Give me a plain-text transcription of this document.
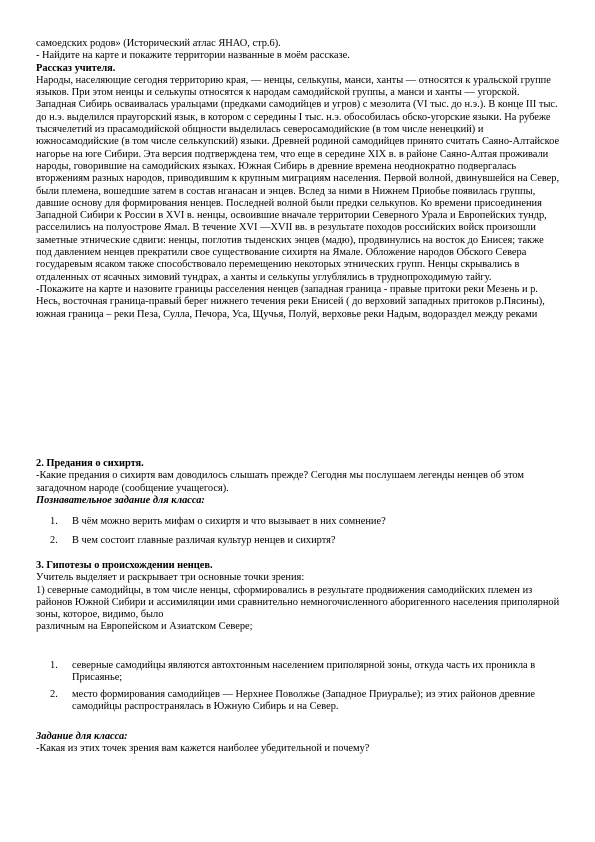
самоедских родов» (Исторический атлас ЯНАО, стр.6).

- Найдите на карте и покажите территории названные в моём рассказе.

Рассказ учителя.

Народы, населяющие сегодня территорию края, — ненцы, селькупы, манси, ханты — относятся к уральской группе языков. При этом ненцы и селькупы относятся к народам самодийской группы, а манси и ханты — угорской. Западная Сибирь осваивалась уральцами (предками самодийцев и угров) с мезолита (VI тыс. до н.э.). В конце III тыс. до н.э. выделился праугорский язык, в котором с середины I тыс. н.э. обособилась обско-угорские языки. На рубеже тысячелетий из прасамодийской общности выделилась северосамодийские (в том числе ненецкий) и южносамодийские (в том числе селькупский) языки. Древней родиной самодийцев принято считать Саяно-Алтайское нагорье на юге Сибири. Эта версия подтверждена тем, что еще в середине XIX в. в районе Саяно-Алтая проживали народы, говорившие на самодийских языках. Южная Сибирь в древние времена неоднократно подвергалась вторжениям разных народов, приводившим к крупным миграциям населения. Первой волной, двинувшейся на Север, были племена, вошедшие затем в состав нганасан и энцев. Вслед за ними в Нижнем Приобье появилась группы, давшие основу для формирования ненцев. Последней волной были предки селькупов. Ко времени присоединения Западной Сибири к России в XVI в. ненцы, освоившие вначале территории Северного Урала и Европейских тундр, расселились на полуострове Ямал. В течение XVI —XVII вв. в результате походов российских войск произошли заметные этнические сдвиги: ненцы, поглотив тыденских энцев (мадю), продвинулись на восток до Енисея; также под давлением ненцев прекратили свое существование сихиртя на Ямале. Обложение народов Обского Севера государевым ясаком также способствовало перемещению некоторых этнических групп. Ненцы скрывались в отдаленных от ясачных зимовий тундрах, а ханты и селькупы углублялись в труднопроходимую тайгу.

-Покажите на карте и назовите границы расселения ненцев (западная граница - правые притоки реки Мезень и р. Несь, восточная граница-правый берег нижнего течения реки Енисей ( до верховий западных притоков р.Пясины), южная граница – реки Пеза, Сулла, Печора, Уса, Щучья, Полуй, верховье реки Надым, водораздел между реками

2. Предания о сихиртя.

-Какие предания о сихиртя вам доводилось слышать прежде? Сегодня мы послушаем легенды ненцев об этом загадочном народе (сообщение учащегося).

Познавательное задание для класса:

1. В чём можно верить мифам о сихиртя и что вызывает в них сомнение?
2. В чем состоит главные различая культур ненцев и сихиртя?

3. Гипотезы о происхождении ненцев.

Учитель выделяет и раскрывает три основные точки зрения:

1) северные самодийцы, в том числе ненцы, сформировались в результате продвижения самодийских племен из районов Южной Сибири и ассимиляции ими сравнительно немногочисленного аборигенного населения приполярной зоны, которое, видимо, было

различным на Европейском и Азиатском Севере;

1. северные самодийцы являются автохтонным населением приполярной зоны, откуда часть их проникла в Присаянье;
2. место формирования самодийцев — Нерхнее Поволжье (Западное Приуралье); из этих районов древние самодийцы распространялась в Южную Сибирь и на Север.

Задание для класса:

-Какая из этих точек зрения вам кажется наиболее убедительной и почему?
